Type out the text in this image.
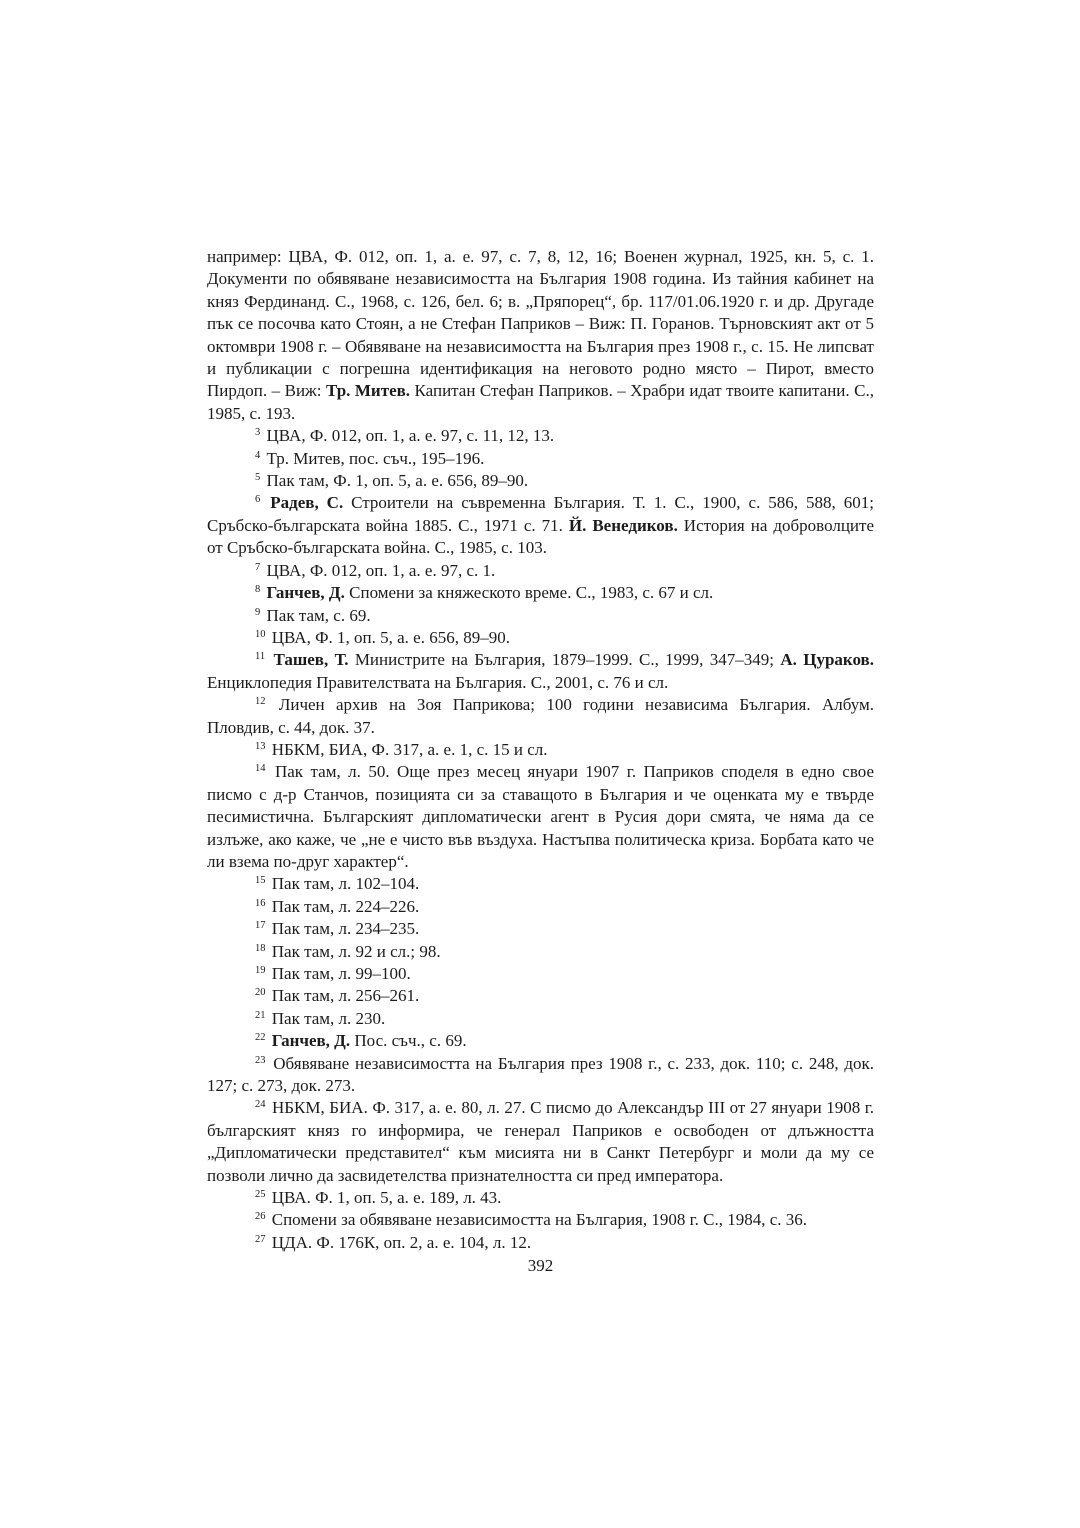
например: ЦВА, Ф. 012, оп. 1, а. е. 97, с. 7, 8, 12, 16; Военен журнал, 1925, кн. 5, с. 1. Документи по обявяване независимостта на България 1908 година. Из тайния кабинет на княз Фердинанд. С., 1968, с. 126, бел. 6; в. „Пряпорец“, бр. 117/01.06.1920 г. и др. Другаде пък се посочва като Стоян, а не Стефан Паприков – Виж: П. Горанов. Търновският акт от 5 октомври 1908 г. – Обявяване на независимостта на България през 1908 г., с. 15. Не липсват и публикации с погрешна идентификация на неговото родно място – Пирот, вместо Пирдоп. – Виж: Тр. Митев. Капитан Стефан Паприков. – Храбри идат твоите капитани. С., 1985, с. 193.

$^3$ ЦВА, Ф. 012, оп. 1, а. е. 97, с. 11, 12, 13.

$^4$ Тр. Митев, пос. съч., 195–196.

$^5$ Пак там, Ф. 1, оп. 5, а. е. 656, 89–90.

$^6$ Радев, С. Строители на съвременна България. Т. 1. С., 1900, с. 586, 588, 601; Сръбско-българската война 1885. С., 1971 с. 71. Й. Венедиков. История на доброволците от Сръбско-българската война. С., 1985, с. 103.

$^7$ ЦВА, Ф. 012, оп. 1, а. е. 97, с. 1.

$^8$ Ганчев, Д. Спомени за княжеското време. С., 1983, с. 67 и сл.

$^9$ Пак там, с. 69.

$^{10}$ ЦВА, Ф. 1, оп. 5, а. е. 656, 89–90.

$^{11}$ Ташев, Т. Министрите на България, 1879–1999. С., 1999, 347–349; А. Цураков. Енциклопедия Правителствата на България. С., 2001, с. 76 и сл.

$^{12}$ Личен архив на Зоя Паприкова; 100 години независима България. Албум. Пловдив, с. 44, док. 37.

$^{13}$ НБКМ, БИА, Ф. 317, а. е. 1, с. 15 и сл.

$^{14}$ Пак там, л. 50. Още през месец януари 1907 г. Паприков споделя в едно свое писмо с д-р Станчов, позицията си за ставащото в България и че оценката му е твърде песимистична. Българският дипломатически агент в Русия дори смята, че няма да се излъже, ако каже, че „не е чисто във въздуха. Настъпва политическа криза. Борбата като че ли взема по-друг характер“.

$^{15}$ Пак там, л. 102–104.

$^{16}$ Пак там, л. 224–226.

$^{17}$ Пак там, л. 234–235.

$^{18}$ Пак там, л. 92 и сл.; 98.

$^{19}$ Пак там, л. 99–100.

$^{20}$ Пак там, л. 256–261.

$^{21}$ Пак там, л. 230.

$^{22}$ Ганчев, Д. Пос. съч., с. 69.

$^{23}$ Обявяване независимостта на България през 1908 г., с. 233, док. 110; с. 248, док. 127; с. 273, док. 273.

$^{24}$ НБКМ, БИА. Ф. 317, а. е. 80, л. 27. С писмо до Александър III от 27 януари 1908 г. българският княз го информира, че генерал Паприков е освободен от длъжността „Дипломатически представител“ към мисията ни в Санкт Петербург и моли да му се позволи лично да засвидетелства признателността си пред императора.

$^{25}$ ЦВА. Ф. 1, оп. 5, а. е. 189, л. 43.

$^{26}$ Спомени за обявяване независимостта на България, 1908 г. С., 1984, с. 36.

$^{27}$ ЦДА. Ф. 176К, оп. 2, а. е. 104, л. 12.

392
